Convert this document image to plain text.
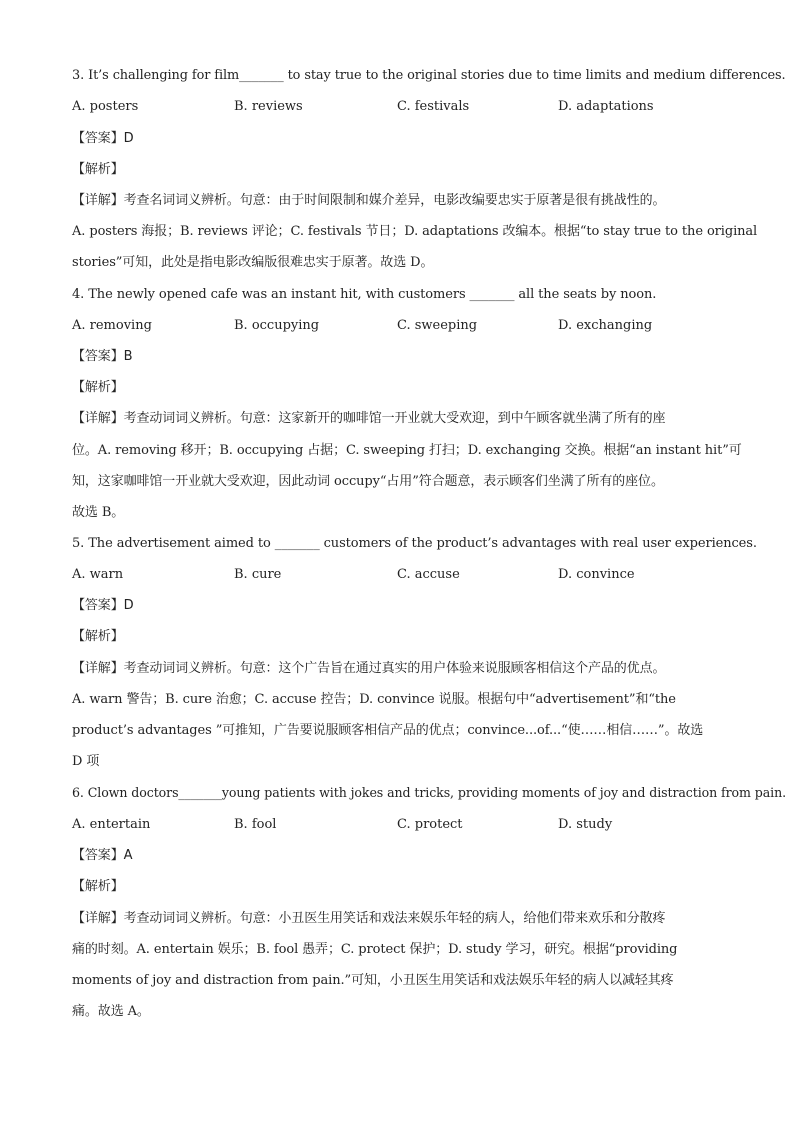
3. It’s challenging for film_______ to stay true to the original stories due to time limits and medium differences.
A. posters	B. reviews	C. festivals	D. adaptations
【答案】D
【解析】
【详解】考查名词词义辨析。句意：由于时间限制和媒介差异，电影改编要忠实于原著是很有挑战性的。
A. posters 海报；B. reviews 评论；C. festivals 节日；D. adaptations 改编本。根据“to stay true to the original
stories”可知，此处是指电影改编版很难忠实于原著。故选 D。
4. The newly opened cafe was an instant hit, with customers _______ all the seats by noon.
A. removing	B. occupying	C. sweeping	D. exchanging
【答案】B
【解析】
【详解】考查动词词义辨析。句意：这家新开的咖啡馆一开业就大受欢迎，到中午顾客就坐满了所有的座
位。A. removing 移开；B. occupying 占据；C. sweeping 打扫；D. exchanging 交换。根据“an instant hit”可
知，这家咖啡馆一开业就大受欢迎，因此动词 occupy“占用”符合题意，表示顾客们坐满了所有的座位。
故选 B。
5. The advertisement aimed to _______ customers of the product’s advantages with real user experiences.
A. warn	B. cure	C. accuse	D. convince
【答案】D
【解析】
【详解】考查动词词义辨析。句意：这个广告旨在通过真实的用户体验来说服顾客相信这个产品的优点。
A. warn 警告；B. cure 治愈；C. accuse 控告；D. convince 说服。根据句中“advertisement”和“the
product’s advantages ”可推知，广告要说服顾客相信产品的优点；convince...of...“使……相信……”。故选
D 项
6. Clown doctors_______young patients with jokes and tricks, providing moments of joy and distraction from pain.
A. entertain	B. fool	C. protect	D. study
【答案】A
【解析】
【详解】考查动词词义辨析。句意：小丑医生用笑话和戏法来娱乐年轻的病人，给他们带来欢乐和分散疼
痛的时刻。A. entertain 娱乐；B. fool 愚弄；C. protect 保护；D. study 学习，研究。根据“providing
moments of joy and distraction from pain.”可知，小丑医生用笑话和戏法娱乐年轻的病人以减轻其疼
痛。故选 A。
